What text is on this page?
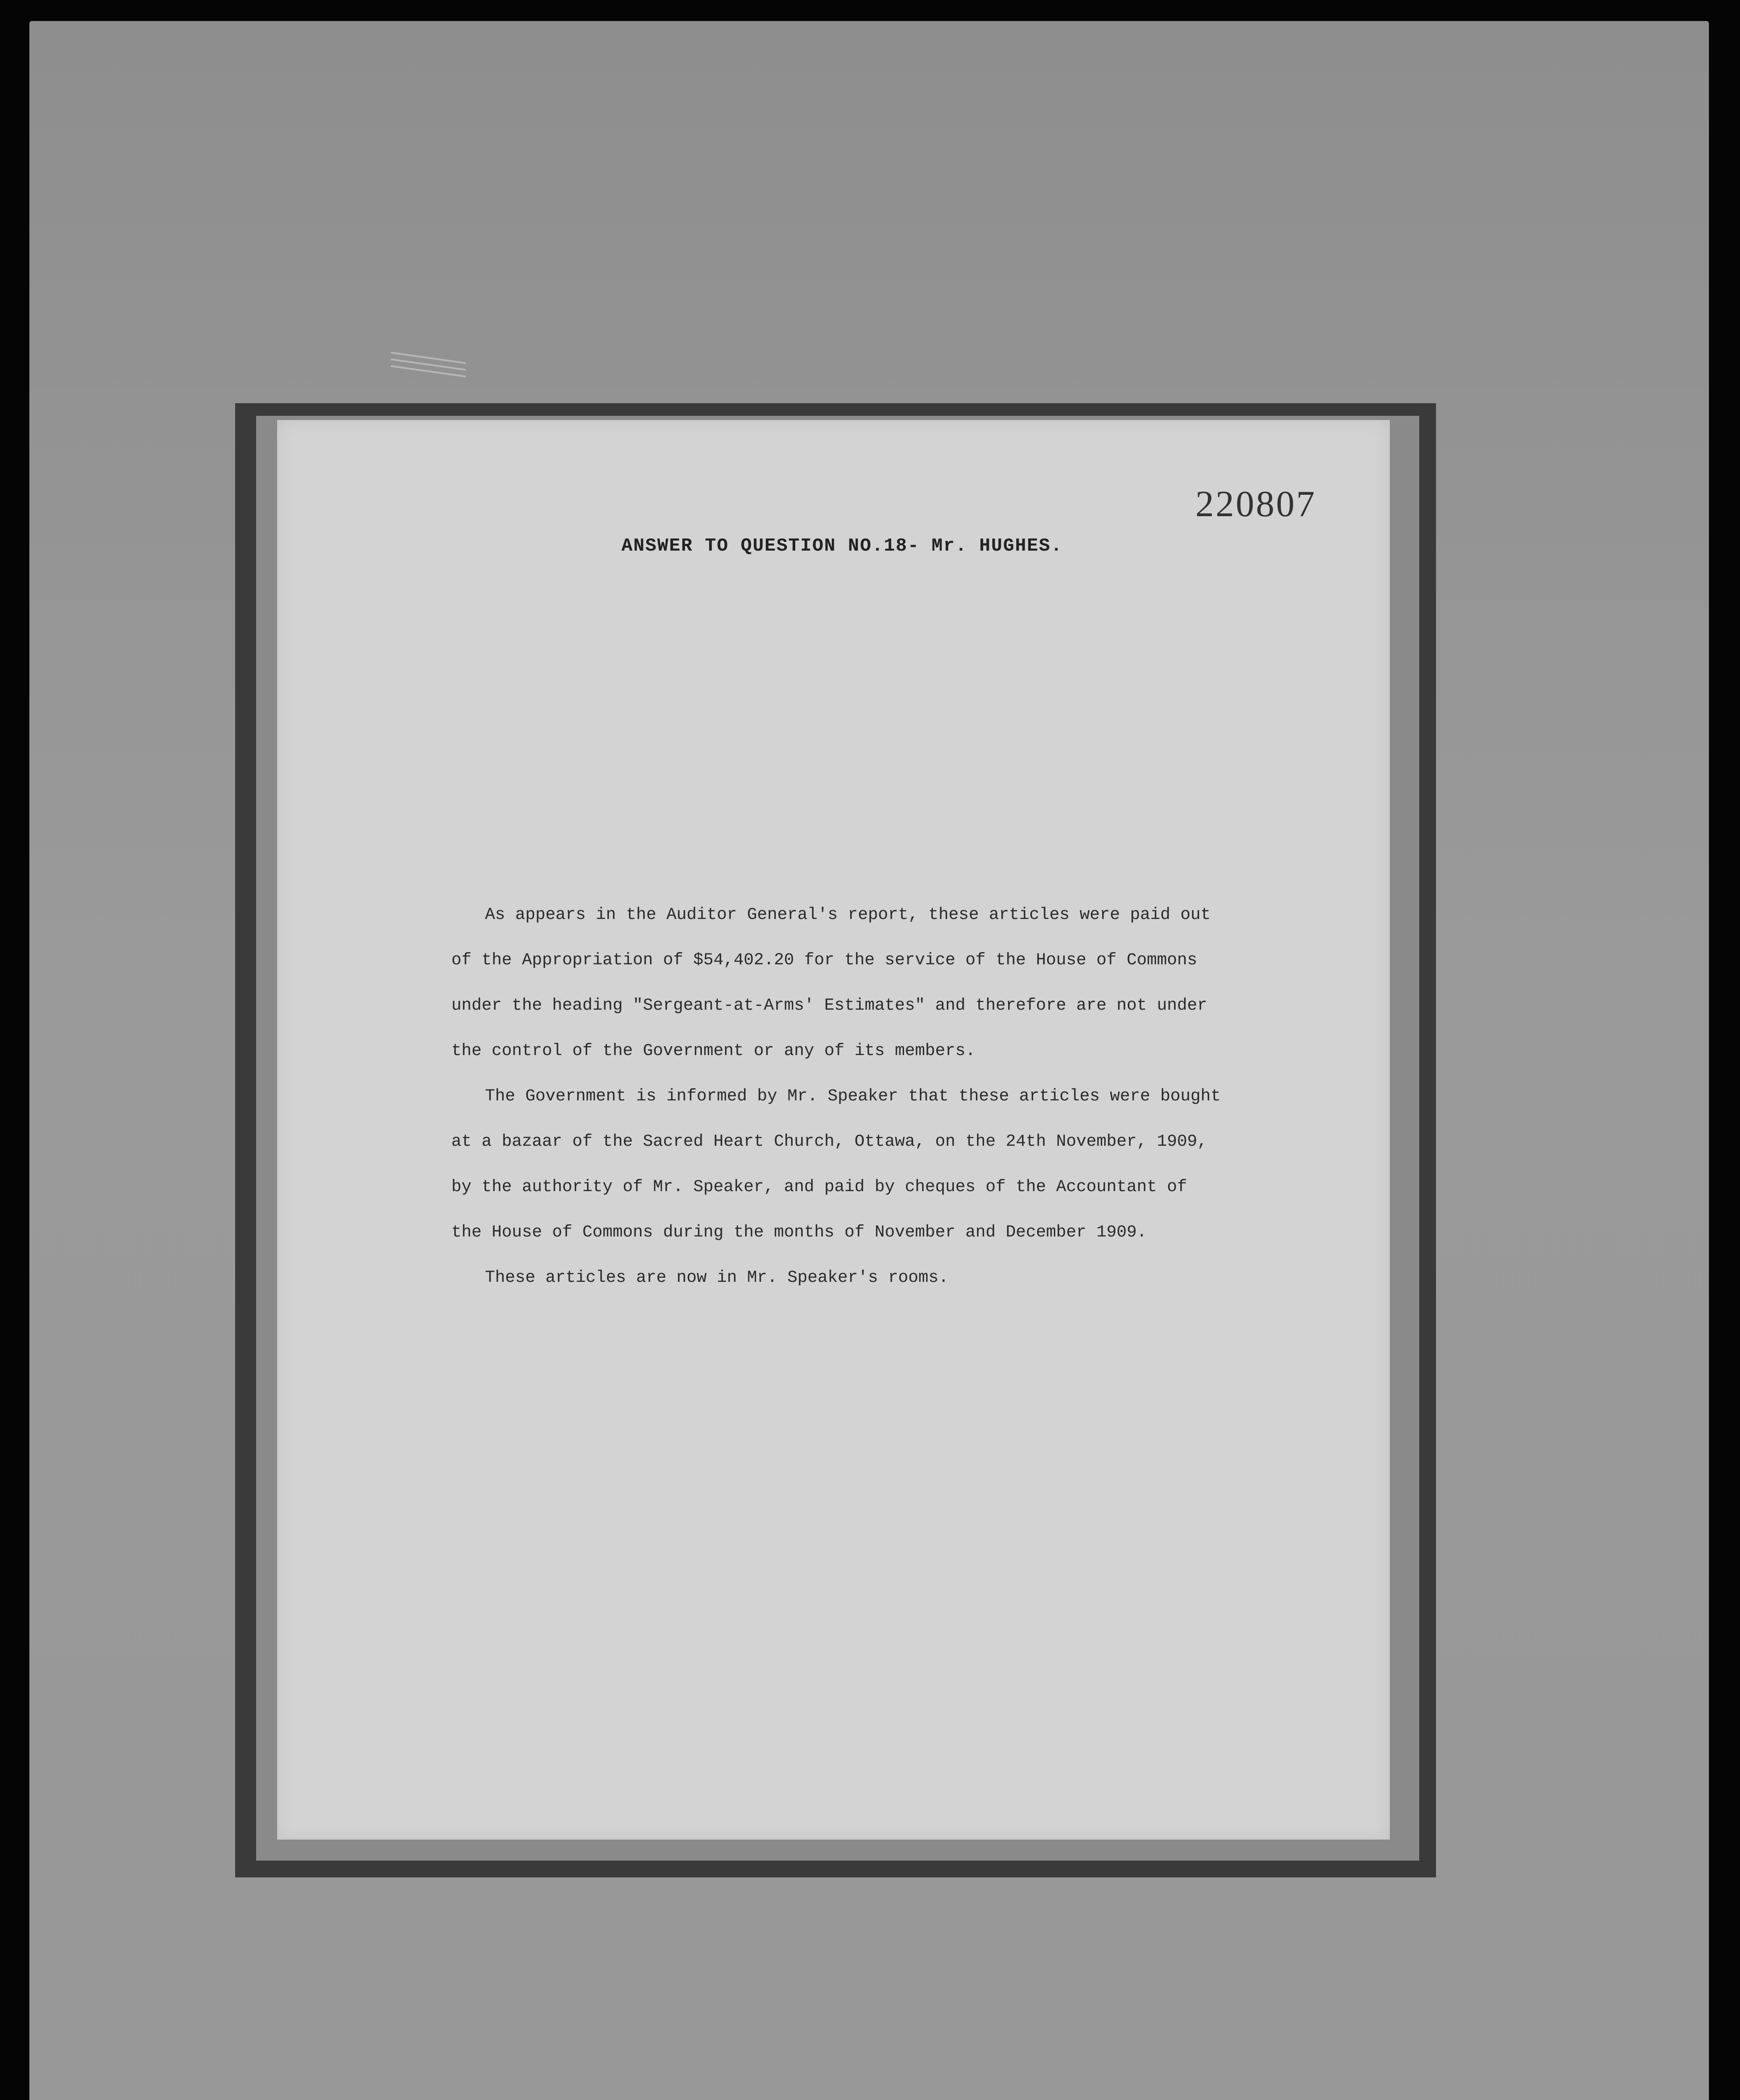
220807
ANSWER TO QUESTION NO.18- Mr. HUGHES.
As appears in the Auditor General's report, these articles were paid out
of the Appropriation of $54,402.20 for the service of the House of Commons
under the heading "Sergeant-at-Arms' Estimates" and therefore are not under
the control of the Government or any of its members.
The Government is informed by Mr. Speaker that these articles were bought
at a bazaar of the Sacred Heart Church, Ottawa, on the 24th November, 1909,
by the authority of Mr. Speaker, and paid by cheques of the Accountant of
the House of Commons during the months of November and December 1909.
These articles are now in Mr. Speaker's rooms.
